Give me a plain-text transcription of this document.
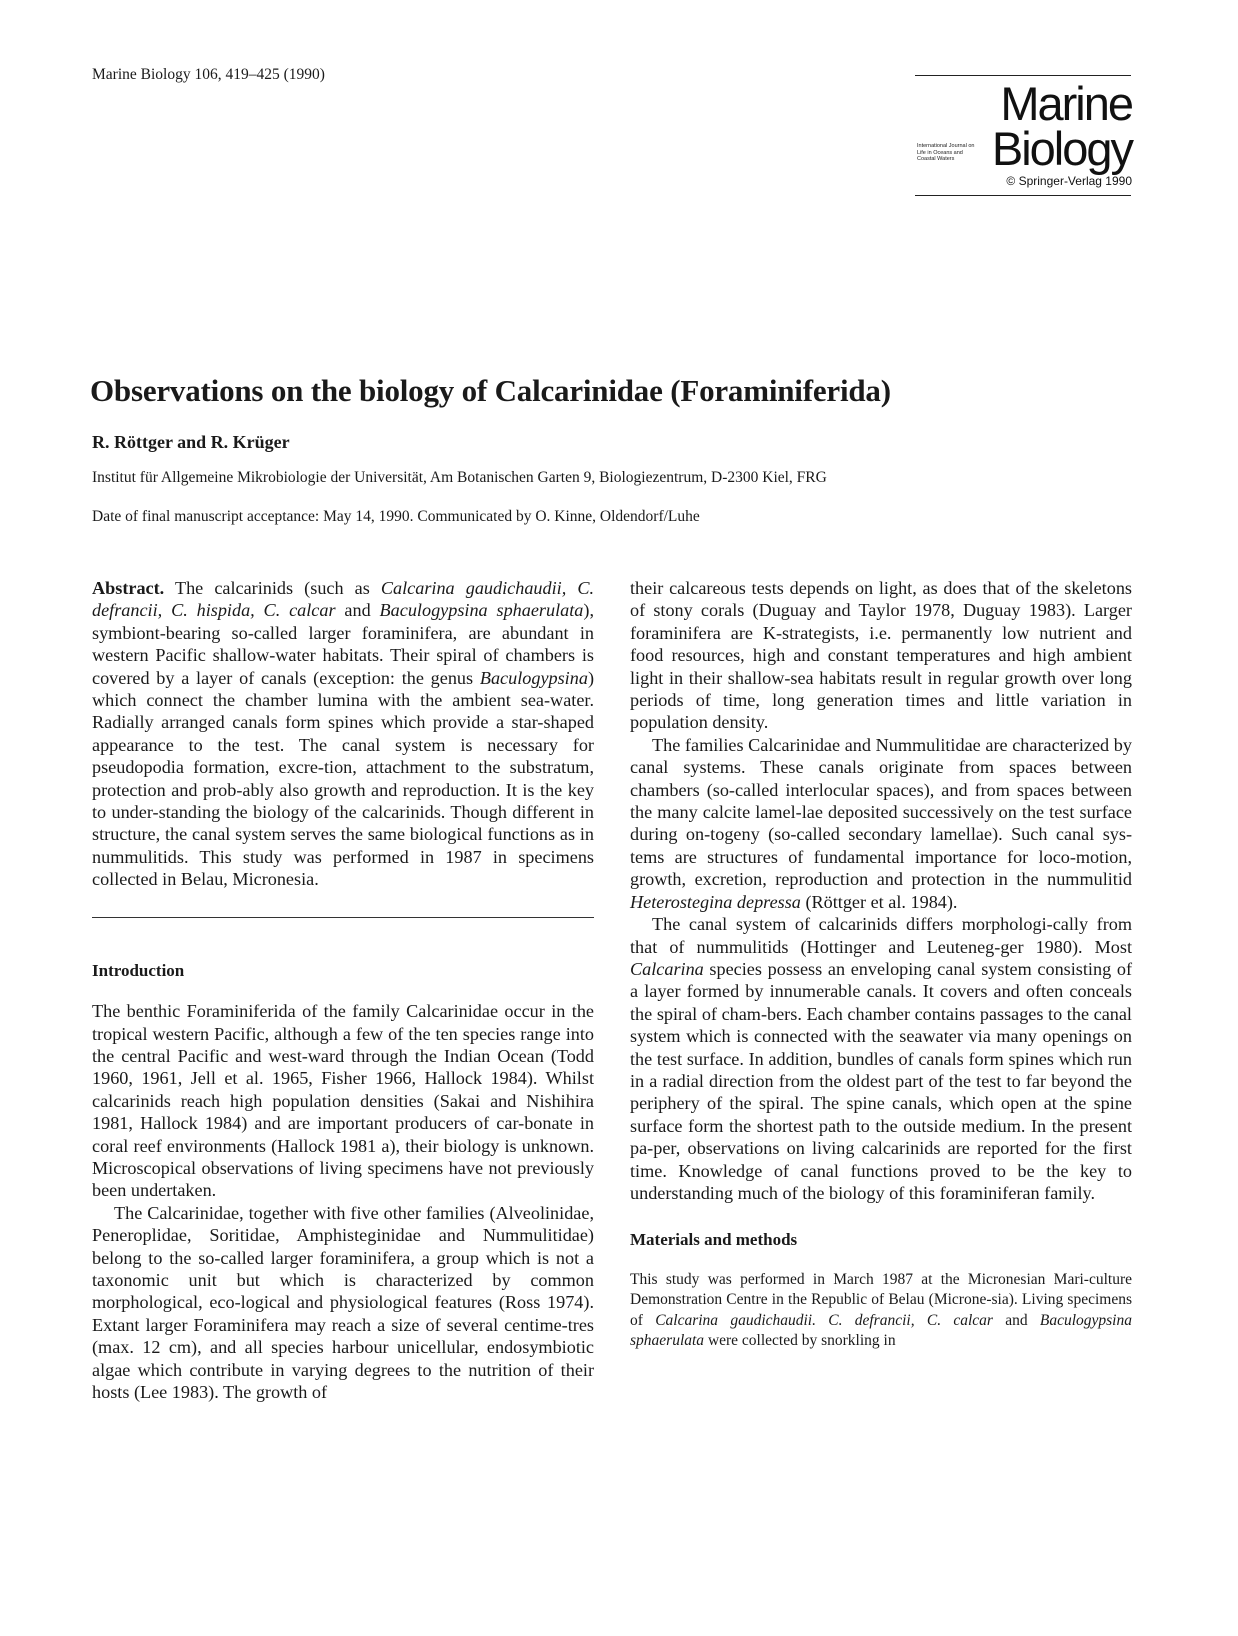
Marine Biology 106, 419–425 (1990)
Marine
International Journal on Life in Oceans and Coastal Waters Biology
© Springer-Verlag 1990
Observations on the biology of Calcarinidae (Foraminiferida)
R. Röttger and R. Krüger
Institut für Allgemeine Mikrobiologie der Universität, Am Botanischen Garten 9, Biologiezentrum, D-2300 Kiel, FRG
Date of final manuscript acceptance: May 14, 1990. Communicated by O. Kinne, Oldendorf/Luhe

Abstract. The calcarinids (such as Calcarina gaudichaudii, C. defrancii, C. hispida, C. calcar and Baculogypsina sphaerulata), symbiont-bearing so-called larger foraminifera, are abundant in western Pacific shallow-water habitats. Their spiral of chambers is covered by a layer of canals (exception: the genus Baculogypsina) which connect the chamber lumina with the ambient sea-water. Radially arranged canals form spines which provide a star-shaped appearance to the test. The canal system is necessary for pseudopodia formation, excre-tion, attachment to the substratum, protection and prob-ably also growth and reproduction. It is the key to under-standing the biology of the calcarinids. Though different in structure, the canal system serves the same biological functions as in nummulitids. This study was performed in 1987 in specimens collected in Belau, Micronesia.

Introduction

The benthic Foraminiferida of the family Calcarinidae occur in the tropical western Pacific, although a few of the ten species range into the central Pacific and west-ward through the Indian Ocean (Todd 1960, 1961, Jell et al. 1965, Fisher 1966, Hallock 1984). Whilst calcarinids reach high population densities (Sakai and Nishihira 1981, Hallock 1984) and are important producers of car-bonate in coral reef environments (Hallock 1981 a), their biology is unknown. Microscopical observations of living specimens have not previously been undertaken.

The Calcarinidae, together with five other families (Alveolinidae, Peneroplidae, Soritidae, Amphisteginidae and Nummulitidae) belong to the so-called larger foraminifera, a group which is not a taxonomic unit but which is characterized by common morphological, eco-logical and physiological features (Ross 1974). Extant larger Foraminifera may reach a size of several centime-tres (max. 12 cm), and all species harbour unicellular, endosymbiotic algae which contribute in varying degrees to the nutrition of their hosts (Lee 1983). The growth of

their calcareous tests depends on light, as does that of the skeletons of stony corals (Duguay and Taylor 1978, Duguay 1983). Larger foraminifera are K-strategists, i.e. permanently low nutrient and food resources, high and constant temperatures and high ambient light in their shallow-sea habitats result in regular growth over long periods of time, long generation times and little variation in population density.

The families Calcarinidae and Nummulitidae are characterized by canal systems. These canals originate from spaces between chambers (so-called interlocular spaces), and from spaces between the many calcite lamel-lae deposited successively on the test surface during on-togeny (so-called secondary lamellae). Such canal sys-tems are structures of fundamental importance for loco-motion, growth, excretion, reproduction and protection in the nummulitid Heterostegina depressa (Röttger et al. 1984).

The canal system of calcarinids differs morphologi-cally from that of nummulitids (Hottinger and Leuteneg-ger 1980). Most Calcarina species possess an enveloping canal system consisting of a layer formed by innumerable canals. It covers and often conceals the spiral of cham-bers. Each chamber contains passages to the canal system which is connected with the seawater via many openings on the test surface. In addition, bundles of canals form spines which run in a radial direction from the oldest part of the test to far beyond the periphery of the spiral. The spine canals, which open at the spine surface form the shortest path to the outside medium. In the present pa-per, observations on living calcarinids are reported for the first time. Knowledge of canal functions proved to be the key to understanding much of the biology of this foraminiferan family.

Materials and methods

This study was performed in March 1987 at the Micronesian Mari-culture Demonstration Centre in the Republic of Belau (Microne-sia). Living specimens of Calcarina gaudichaudii. C. defrancii, C. calcar and Baculogypsina sphaerulata were collected by snorkling in
